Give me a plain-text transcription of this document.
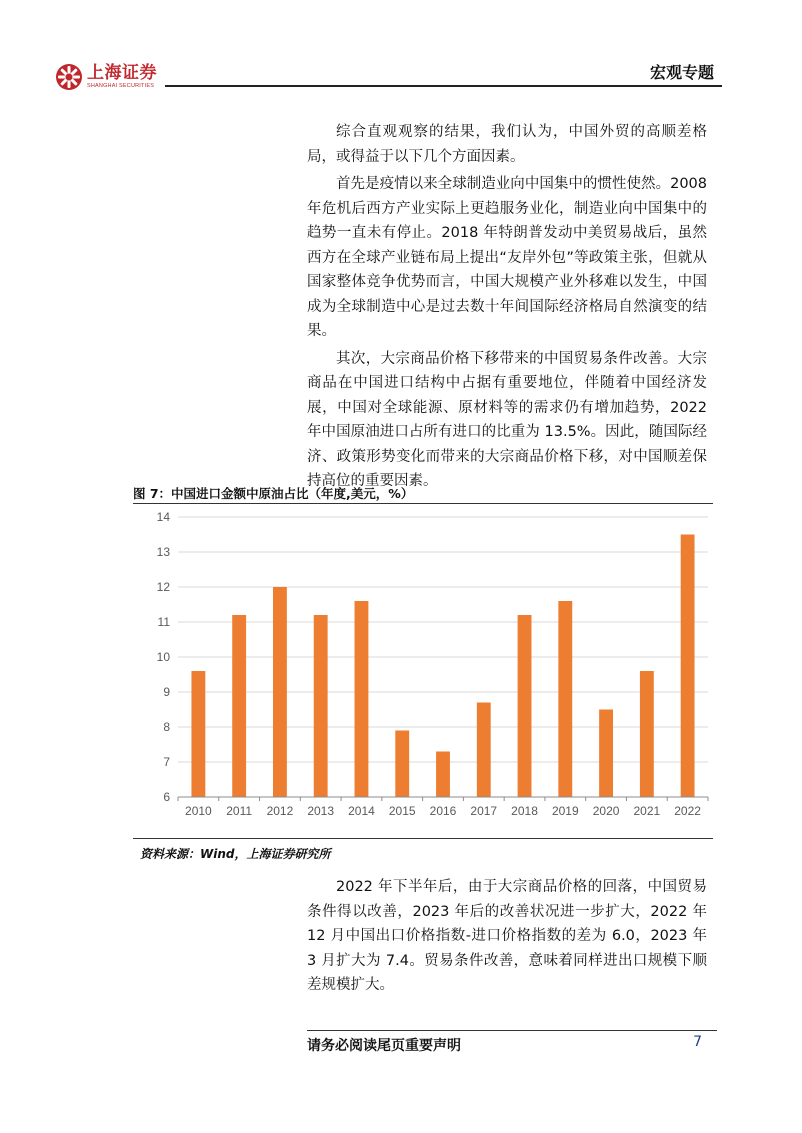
上海证券
SHANGHAI SECURITIES
宏观专题

综合直观观察的结果，我们认为，中国外贸的高顺差格局，或得益于以下几个方面因素。

首先是疫情以来全球制造业向中国集中的惯性使然。2008 年危机后西方产业实际上更趋服务业化，制造业向中国集中的趋势一直未有停止。2018 年特朗普发动中美贸易战后，虽然西方在全球产业链布局上提出“友岸外包”等政策主张，但就从国家整体竞争优势而言，中国大规模产业外移难以发生，中国成为全球制造中心是过去数十年间国际经济格局自然演变的结果。

其次，大宗商品价格下移带来的中国贸易条件改善。大宗商品在中国进口结构中占据有重要地位，伴随着中国经济发展，中国对全球能源、原材料等的需求仍有增加趋势，2022 年中国原油进口占所有进口的比重为 13.5%。因此，随国际经济、政策形势变化而带来的大宗商品价格下移，对中国顺差保持高位的重要因素。

图 7：中国进口金额中原油占比（年度,美元，%）
6
7
8
9
10
11
12
13
14
2010 2011 2012 2013 2014 2015 2016 2017 2018 2019 2020 2021 2022
资料来源：Wind，上海证券研究所

2022 年下半年后，由于大宗商品价格的回落，中国贸易条件得以改善，2023 年后的改善状况进一步扩大，2022 年 12 月中国出口价格指数-进口价格指数的差为 6.0，2023 年 3 月扩大为 7.4。贸易条件改善，意味着同样进出口规模下顺差规模扩大。

请务必阅读尾页重要声明	7
